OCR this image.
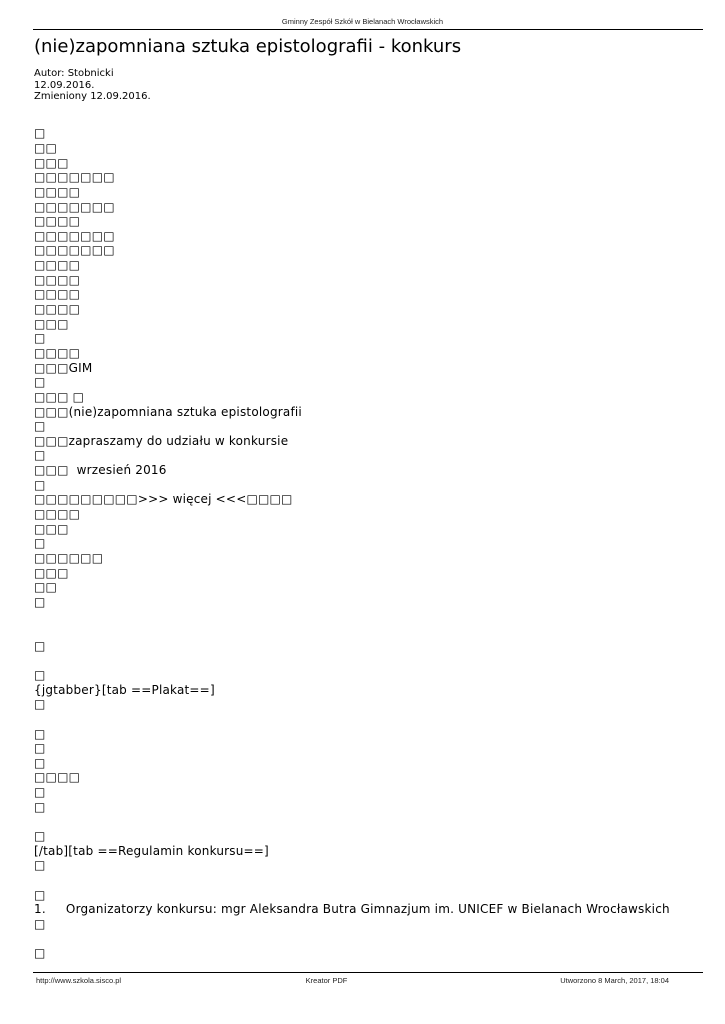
Gminny Zespół Szkół w Bielanach Wrocławskich
(nie)zapomniana sztuka epistolografii - konkurs
Autor: Stobnicki
12.09.2016.
Zmieniony 12.09.2016.
□
□□
□□□
□□□□□□□
□□□□
□□□□□□□
□□□□
□□□□□□□
□□□□□□□
□□□□
□□□□
□□□□
□□□□
□□□
□
□□□□
□□□GIM
□
□□□ □
□□□(nie)zapomniana sztuka epistolografii
□
□□□zapraszamy do udziału w konkursie
□
□□□  wrzesień 2016
□
□□□□□□□□□>>> więcej <<<□□□□
□□□□
□□□
□
□□□□□□
□□□
□□
□
□
□
{jgtabber}[tab ==Plakat==]
□
□
□
□
□□□□
□
□
□
[/tab][tab ==Regulamin konkursu==]
□
□
1.     Organizatorzy konkursu: mgr Aleksandra Butra Gimnazjum im. UNICEF w Bielanach Wrocławskich
□
□
http://www.szkola.sisco.pl	Kreator PDF	Utworzono 8 March, 2017, 18:04
